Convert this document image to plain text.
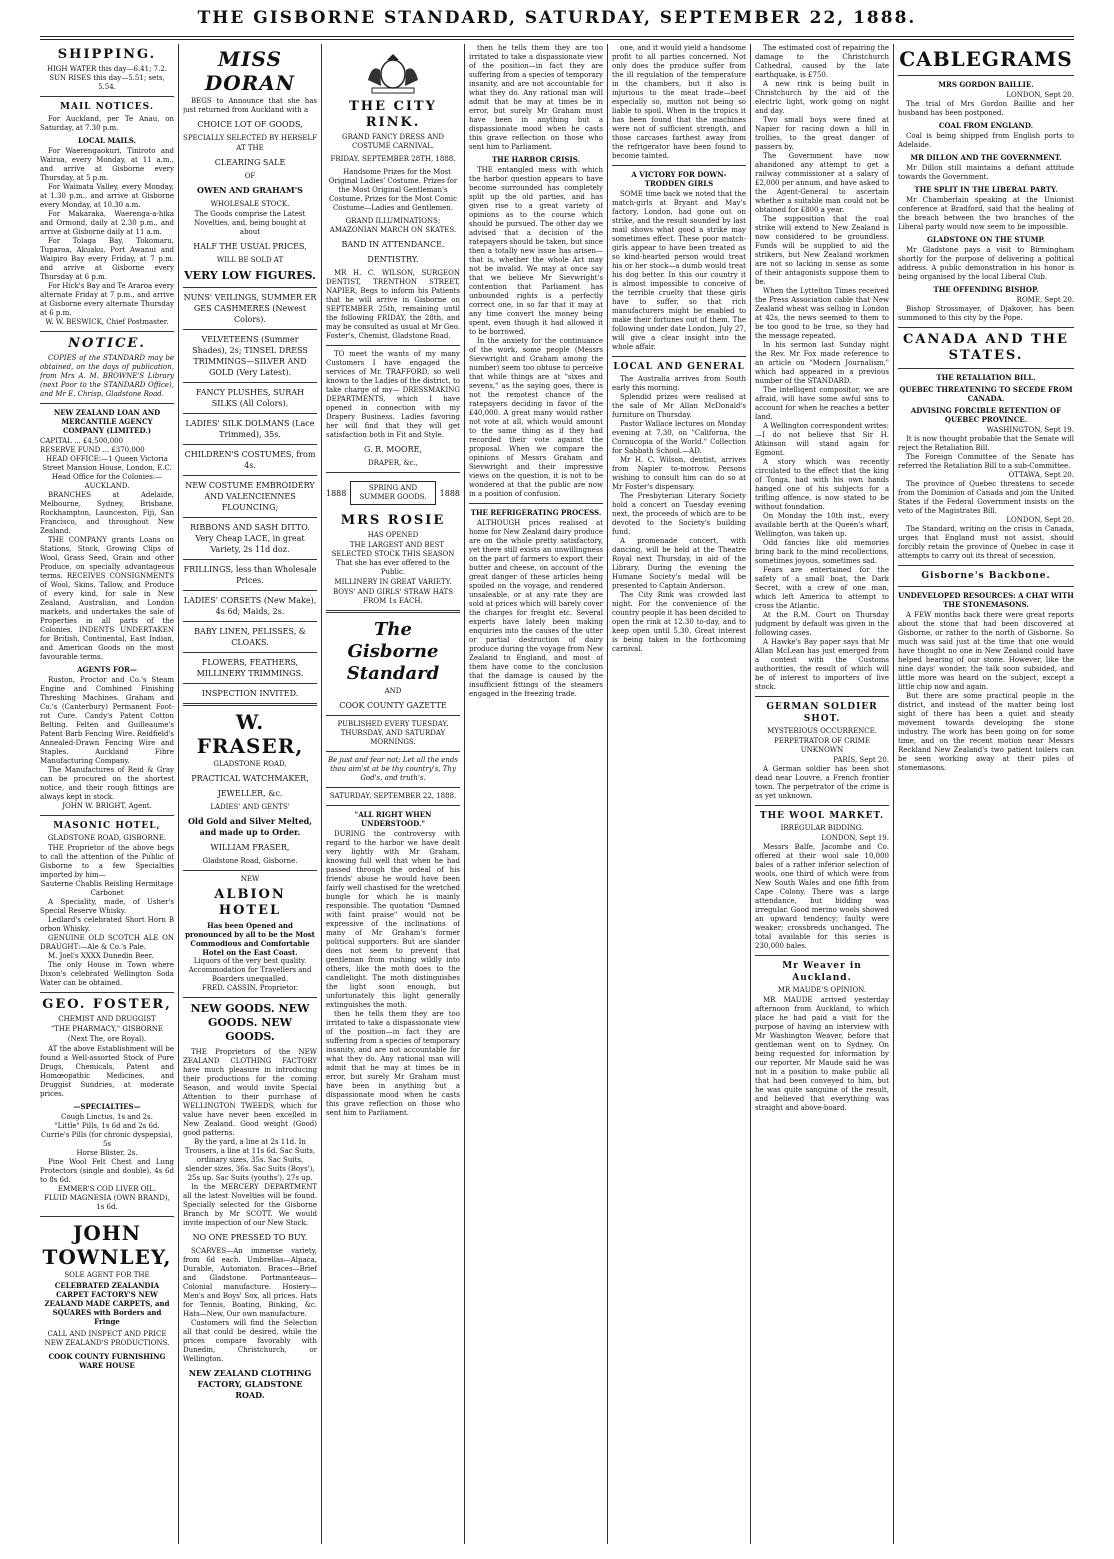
THE GISBORNE STANDARD, SATURDAY, SEPTEMBER 22, 1888.
SHIPPING.
HIGH WATER this day—6.41; 7.2.
SUN RISES this day—5.51; sets, 5.54.
MAIL NOTICES.

For Auckland, per Te Anau, on Saturday, at 7.30 p.m.

LOCAL MAILS.

For Waerengaokuri, Tiniroto and Wairoa, every Monday, at 11 a.m., and arrive at Gisborne every Thursday, at 5 p.m.

For Waimata Valley, every Monday, at 1.30 p.m., and arrive at Gisborne every Monday, at 10.30 a.m.

For Makaraka, Waerenga-a-hika and Ormond, daily at 2.30 p.m., and arrive at Gisborne daily at 11 a.m.

For Tolaga Bay, Tokomaru, Tuparoa, Akuaku, Port Awanui and Waipiro Bay every Friday, at 7 p.m. and arrive at Gisborne every Thursday at 6 p.m.

For Hick's Bay and Te Araroa every alternate Friday at 7 p.m., and arrive at Gisborne every alternate Thursday at 6 p.m.

W. W. BESWICK, Chief Postmaster.
NOTICE.

COPIES of the STANDARD may be obtained, on the days of publication, from Mrs A. M. BROWNE'S Library (next Poor to the STANDARD Office), and Mr E. Chrisp, Gladstone Road.

NEW ZEALAND LOAN AND MERCANTILE AGENCY COMPANY (LIMITED.)
CAPITAL ... £4,500,000
RESERVE FUND ... £370,000
HEAD OFFICE:—1 Queen Victoria Street Mansion House, London, E.C.
Head Office for the Colonies:—AUCKLAND.

BRANCHES at Adelaide, Melbourne, Sydney, Brisbane, Rockhampton, Launceston, Fiji, San Francisco, and throughout New Zealand.

THE COMPANY grants Loans on Stations, Stock, Growing Clips of Wool, Grass Seed, Grain and other Produce, on specially advantageous terms. RECEIVES CONSIGNMENTS of Wool, Skins, Tallow, and Produce of every kind, for sale in New Zealand, Australian, and London markets, and undertakes the sale of Properties in all parts of the Colonies. INDENTS UNDERTAKEN for British, Continental, East Indian, and American Goods on the most favourable terms.

AGENTS FOR—

Ruston, Proctor and Co.'s Steam Engine and Combined Finishing Threshing Machines. Graham and Co.'s (Canterbury) Permanent Foot-rot Cure. Candy's Patent Cotton Belting. Felten and Guilleaume's Patent Barb Fencing Wire. Reidfield's Annealed-Drawn Fencing Wire and Staples. Auckland Fibre Manufacturing Company.

The Manufactures of Reid & Gray can be procured on the shortest notice, and their rough fittings are always kept in stock.

JOHN W. BRIGHT, Agent.
MASONIC HOTEL,
GLADSTONE ROAD, GISBORNE.

THE Proprietor of the above begs to call the attention of the Public of Gisborne to a few Specialties imported by him—

Sauterne Chablis Reisling Hermitage Carbonet

A Speciality, made, of Usher's Special Reserve Whisky.

Ledlard's celebrated Short Horn B orbon Whisky.

GENUINE OLD SCOTCH ALE ON DRAUGHT:—Ale & Co.'s Pale.

M. Joel's XXXX Dunedin Beer.

The only House in Town where Dixon's celebrated Wellington Soda Water can be obtained.

GEO. FOSTER,
CHEMIST AND DRUGGIST
"THE PHARMACY," GISBORNE
(Next The, ore Royal).

AT the above Establishment will be found a Well-assorted Stock of Pure Drugs, Chemicals, Patent and Homœopathic Medicines, and Druggist Sundries, at moderate prices.

—SPECIALTIES—
Cough Linctus, 1s and 2s.
"Little" Pills, 1s 6d and 2s 6d.
Currie's Pills (for chronic dyspepsia), 5s
Horse Blister, 2s.

Pine Wool Felt Chest and Lung Protectors (single and double), 4s 6d to 8s 6d.

EMMER'S COD LIVER OIL.
FLUID MAGNESIA (OWN BRAND), 1s 6d.
JOHN TOWNLEY,
SOLE AGENT FOR THE
CELEBRATED ZEALANDIA CARPET FACTORY'S NEW ZEALAND MADE CARPETS, and SQUARES with Borders and Fringe
CALL AND INSPECT AND PRICE NEW ZEALAND'S PRODUCTIONS.
COOK COUNTY FURNISHING WARE HOUSE
MISS DORAN

BEGS to Announce that she has just returned from Auckland with a

CHOICE LOT OF GOODS,
SPECIALLY SELECTED BY HERSELF
AT THE
CLEARING SALE
OF
OWEN AND GRAHAM'S
WHOLESALE STOCK.
The Goods comprise the Latest Novelties, and, being bought at about
HALF THE USUAL PRICES,
WILL BE SOLD AT
VERY LOW FIGURES.
NUNS' VEILINGS, SUMMER ER GES CASHMERES (Newest Colors).
VELVETEENS (Summer Shades), 2s; TINSEL DRESS TRIMMINGS—SILVER AND GOLD (Very Latest).
FANCY PLUSHES, SURAH SILKS (All Colors).
LADIES' SILK DOLMANS (Lace Trimmed), 35s.
CHILDREN'S COSTUMES, from 4s.
NEW COSTUME EMBROIDERY AND VALENCIENNES FLOUNCING;
RIBBONS AND SASH DITTO. Very Cheap LACE, in great Variety, 2s 11d doz.
FRILLINGS, less than Wholesale Prices.
LADIES' CORSETS (New Make), 4s 6d; Maids, 2s.
BABY LINEN, PELISSES, & CLOAKS.
FLOWERS, FEATHERS, MILLINERY TRIMMINGS.
INSPECTION INVITED.
W. FRASER,
GLADSTONE ROAD,
PRACTICAL WATCHMAKER,
JEWELLER, &c.
LADIES' AND GENTS'
Old Gold and Silver Melted, and made up to Order.
WILLIAM FRASER,
Gladstone Road, Gisborne.
NEW
ALBION HOTEL
Has been Opened and pronounced by all to be the Most Commodious and Comfortable Hotel on the East Coast.
Liquors of the very best quality.
Accommodation for Travellers and Boarders unequalled.
FRED. CASSIN, Proprietor.
NEW GOODS. NEW GOODS. NEW GOODS.

THE Proprietors of the NEW ZEALAND CLOTHING FACTORY have much pleasure in introducing their productions for the coming Season, and would invite Special Attention to their purchase of WELLINGTON TWEEDS, which for value have never been excelled in New Zealand. Good weight (Good) good patterns.

By the yard, a line at 2s 11d. In Trousers, a line at 11s 6d. Sac Suits, ordinary sizes, 35s. Sac Suits, slender sizes, 36s. Sac Suits (Boys'), 25s up. Sac Suits (youths'), 27s up.

In the MERCERY DEPARTMENT all the latest Novelties will be found. Specially selected for the Gisborne Branch by Mr SCOTT. We would invite inspection of our New Stock.

NO ONE PRESSED TO BUY.

SCARVES—An immense variety, from 6d each. Umbrellas—Alpaca, Durable, Automaton. Braces—Brief and Gladstone. Portmanteaus—Colonial manufacture. Hosiery—Men's and Boys' Sox, all prices. Hats for Tennis, Boating, Binking, &c. Hats—New, Our own manufacture.

Customers will find the Selection all that could be desired, while the prices compare favorably with Dunedin, Christchurch, or Wellington.

NEW ZEALAND CLOTHING FACTORY, GLADSTONE ROAD.
THE CITY RINK.
GRAND FANCY DRESS AND COSTUME CARNIVAL.
FRIDAY, SEPTEMBER 28TH, 1888.

Handsome Prizes for the Most Original Ladies' Costume. Prizes for the Most Original Gentleman's Costume. Prizes for the Most Comic Costume—Ladies and Gentlemen.

GRAND ILLUMINATIONS; AMAZONIAN MARCH ON SKATES.
BAND IN ATTENDANCE.
DENTISTRY.

MR H. C. WILSON, SURGEON DENTIST, TRENTHON STREET, NAPIER, Begs to inform his Patients that he will arrive in Gisborne on SEPTEMBER 25th, remaining until the following FRIDAY, the 28th, and may be consulted as usual at Mr Geo. Foster's, Chemist, Gladstone Road.

TO meet the wants of my many Customers I have engaged the services of Mr. TRAFFORD, so well known to the Ladies of the district, to take charge of my— DRESSMAKING DEPARTMENTS, which I have opened in connection with my Drapery Business. Ladies favoring her will find that they will get satisfaction both in Fit and Style.

G. R. MOORE,
DRAPER, &c.,
1888
SPRING AND SUMMER GOODS.	1888
MRS ROSIE
HAS OPENED

THE LARGEST AND BEST SELECTED STOCK THIS SEASON That she has ever offered to the Public.

MILLINERY IN GREAT VARIETY.
BOYS' AND GIRLS' STRAW HATS FROM 1s EACH.
The Gisborne Standard
AND
COOK COUNTY GAZETTE
PUBLISHED EVERY TUESDAY, THURSDAY, AND SATURDAY MORNINGS.
Be just and fear not; Let all the ends thou aim'st at be thy country's, Thy God's, and truth's.
SATURDAY, SEPTEMBER 22, 1888.
"ALL RIGHT WHEN UNDERSTOOD."

DURING the controversy with regard to the harbor we have dealt very lightly with Mr Graham, knowing full well that when he had passed through the ordeal of his friends' abuse he would have been fairly well chastised for the wretched bungle for which he is mainly responsible. The quotation "Damned with faint praise" would not be expressive of the inclinations of many of Mr Graham's former political supporters. But are slander does not seem to prevent that gentleman from rushing wildly into others, like the moth does to the candlelight. The moth distinguishes the light soon enough, but unfortunately this light generally extinguishes the moth.

then he tells them they are too irritated to take a dispassionate view of the position—in fact they are suffering from a species of temporary insanity, and are not accountable for what they do. Any rational man will admit that he may at times be in error, but surely Mr Graham must have been in anything but a dispassionate mood when he casts this grave reflection on those who sent him to Parliament.

then he tells them they are too irritated to take a dispassionate view of the position—in fact they are suffering from a species of temporary insanity, and are not accountable for what they do. Any rational man will admit that he may at times be in error, but surely Mr Graham must have been in anything but a dispassionate mood when he casts this grave reflection on those who sent him to Parliament.

THE HARBOR CRISIS.

THE entangled mess with which the harbor question appears to have become surrounded has completely split up the old parties, and has given rise to a great variety of opinions as to the course which should be pursued. The other day we advised that a decision of the ratepayers should be taken, but since then a totally new issue has arisen—that is, whether the whole Act may not be invalid. We may at once say that we believe Mr Sievwright's contention that Parliament has unbounded rights is a perfectly correct one, in so far that it may at any time convert the money being spent, even though it had allowed it to be borrowed.

In the anxiety for the continuance of the work, some people (Messrs Sievwright and Graham among the number) seem too obtuse to perceive that while things are at "sixes and sevens," as the saying goes, there is not the remotest chance of the ratepayers deciding in favor of the £40,000. A great many would rather not vote at all, which would amount to the same thing as if they had recorded their vote against the proposal. When we compare the opinions of Messrs Graham and Sievwright and their impressive views on the question, it is not to be wondered at that the public are now in a position of confusion.

THE REFRIGERATING PROCESS.

ALTHOUGH prices realised at home for New Zealand dairy produce are on the whole pretty satisfactory, yet there still exists an unwillingness on the part of farmers to export their butter and cheese, on account of the great danger of these articles being spoiled on the voyage, and rendered unsaleable, or at any rate they are sold at prices which will barely cover the charges for freight etc. Several experts have lately been making enquiries into the causes of the utter or partial destruction of dairy produce during the voyage from New Zealand to England, and most of them have come to the conclusion that the damage is caused by the insufficient fittings of the steamers engaged in the freezing trade.

one, and it would yield a handsome profit to all parties concerned. Not only does the produce suffer from the ill regulation of the temperature in the chambers, but it also is injurious to the meat trade—beef especially so, mutton not being so liable to spoil. When in the tropics it has been found that the machines were not of sufficient strength, and those carcases farthest away from the refrigerator have been found to become tainted.

A VICTORY FOR DOWN-TRODDEN GIRLS

SOME time back we noted that the match-girls at Bryant and May's factory, London, had gone out on strike, and the result sounded by last mail shows what good a strike may sometimes effect. These poor match-girls appear to have been treated as so kind-hearted person would treat his or her stock—a dumb would treat his dog better. In this our country it is almost impossible to conceive of the terrible cruelty that these girls have to suffer, so that rich manufacturers might be enabled to make their fortunes out of them. The following under date London, July 27, will give a clear insight into the whole affair.

LOCAL AND GENERAL

The Australia arrives from South early this morning.

Splendid prizes were realised at the sale of Mr Allan McDonald's furniture on Thursday.

Pastor Wallace lectures on Monday evening at 7.30, on "Californa, the Cornucopia of the World." Collection for Sabbath School.—AD.

Mr H. C. Wilson, dentist, arrives from Napier to-morrow. Persons wishing to consult him can do so at Mr Foster's dispensary.

The Presbyterian Literary Society hold a concert on Tuesday evening next, the proceeds of which are to be devoted to the Society's building fund.

A promenade concert, with dancing, will be held at the Theatre Royal next Thursday, in aid of the Library. During the evening the Humane Society's medal will be presented to Captain Anderson.

The City Rink was crowded last night. For the convenience of the country people it has been decided to open the rink at 12.30 to-day, and to keep open until 5.30. Great interest is being taken in the forthcoming carnival.

The estimated cost of repairing the damage to the Christchurch Cathedral, caused by the late earthquake, is £750.

A new rink is being built in Christchurch by the aid of the electric light, work going on night and day.

Two small boys were fined at Napier for racing down a hill in trollies, to the great danger of passers by.

The Government have now abandoned any attempt to get a railway commissioner at a salary of £2,000 per annum, and have asked to the Agent-General to ascertain whether a suitable man could not be obtained for £800 a year.

The supposition that the coal strike will extend to New Zealand is now considered to be groundless. Funds will be supplied to aid the strikers, but New Zealand workmen are not so lacking in sense as some of their antagonists suppose them to be.

When the Lyttelton Times received the Press Association cable that New Zealand wheat was selling in London at 42s, the news seemed to them to be too good to be true, so they had the message repeated.

In his sermon last Sunday night the Rev. Mr Fox made reference to an article on "Modern Journalism," which had appeared in a previous number of the STANDARD.

The intelligent compositor, we are afraid, will have some awful sins to account for when he reaches a better land.

A Wellington correspondent writes:—I do not believe that Sir H. Atkinson will stand again for Egmont.

A story which was recently circulated to the effect that the king of Tonga, had with his own hands hanged one of his subjects for a trifling offence, is now stated to be without foundation.

On Monday the 10th inst., every available berth at the Queen's wharf, Wellington, was taken up.

Odd fancies like old memories bring back to the mind recollections, sometimes joyous, sometimes sad.

Fears are entertained for the safety of a small boat, the Dark Secret, with a crew of one man, which left America to attempt to cross the Atlantic.

At the R.M. Court on Thursday judgment by default was given in the following cases.

A Hawke's Bay paper says that Mr Allan McLean has just emerged from a contest with the Customs authorities, the result of which will be of interest to importers of live stock.

GERMAN SOLDIER SHOT.
MYSTERIOUS OCCURRENCE.
PERPETRATOR OF CRIME UNKNOWN
PARIS, Sept 20.

A German soldier has been shot dead near Louvre, a French frontier town. The perpetrator of the crime is as yet unknown.

THE WOOL MARKET.
IRREGULAR BIDDING.
LONDON, Sept 19.

Messrs Balfe, Jacombe and Co. offered at their wool sale 10,000 bales of a rather inferior selection of wools, one third of which were from New South Wales and one fifth from Cape Colony. There was a large attendance, but bidding was irregular. Good merino wools showed an upward tendency; faulty were weaker; crossbreds unchanged. The total available for this series is 230,000 bales.

Mr Weaver in Auckland.
MR MAUDE'S OPINION.

MR MAUDE arrived yesterday afternoon from Auckland, to which place he had paid a visit for the purpose of having an interview with Mr Washington Weaver, before that gentleman went on to Sydney. On being requested for information by our reporter, Mr Maude said he was not in a position to make public all that had been conveyed to him, but he was quite sanguine of the result, and believed that everything was straight and above-board.

CABLEGRAMS
MRS GORDON BAILLIE.
LONDON, Sept 20.

The trial of Mrs Gordon Baillie and her husband has been postponed.

COAL FROM ENGLAND.

Coal is being shipped from English ports to Adelaide.

MR DILLON AND THE GOVERNMENT.

Mr Dillon still maintains a defiant attitude towards the Government.

THE SPLIT IN THE LIBERAL PARTY.

Mr Chamberlain speaking at the Unionist conference at Bradford, said that the healing of the breach between the two branches of the Liberal party would now seem to be impossible.

GLADSTONE ON THE STUMP.

Mr Gladstone pays a visit to Birmingham shortly for the purpose of delivering a political address. A public demonstration in his honor is being organised by the local Liberal Club.

THE OFFENDING BISHOP.
ROME, Sept 20.

Bishop Strossmayer, of Djakover, has been summoned to this city by the Pope.

CANADA AND THE STATES.
THE RETALIATION BILL.
QUEBEC THREATENING TO SECEDE FROM CANADA.
ADVISING FORCIBLE RETENTION OF QUEBEC PROVINCE.
WASHINGTON, Sept 19.

It is now thought probable that the Senate will reject the Retaliation Bill.

The Foreign Committee of the Senate has referred the Retaliation Bill to a sub-Committee.

OTTAWA, Sept 20.

The province of Quebec threatens to secede from the Dominion of Canada and join the United States if the Federal Government insists on the veto of the Magistrates Bill.

LONDON, Sept 20.

The Standard, writing on the crisis in Canada, urges that England must not assist, should forcibly retain the province of Quebec in case it attempts to carry out its threat of secession.

Gisborne's Backbone.
UNDEVELOPED RESOURCES: A CHAT WITH THE STONEMASONS.

A FEW months back there were great reports about the stone that had been discovered at Gisborne, or rather to the north of Gisborne. So much was said just at the time that one would have thought no one in New Zealand could have helped hearing of our stone. However, like the nine days' wonder, the talk soon subsided, and little more was heard on the subject, except a little chip now and again.

But there are some practical people in the district, and instead of the matter being lost sight of there has been a quiet and steady movement towards developing the stone industry. The work has been going on for some time, and on the recent motion near Messrs Reckland New Zealand's two patient toilers can be seen working away at their piles of stonemasons.
